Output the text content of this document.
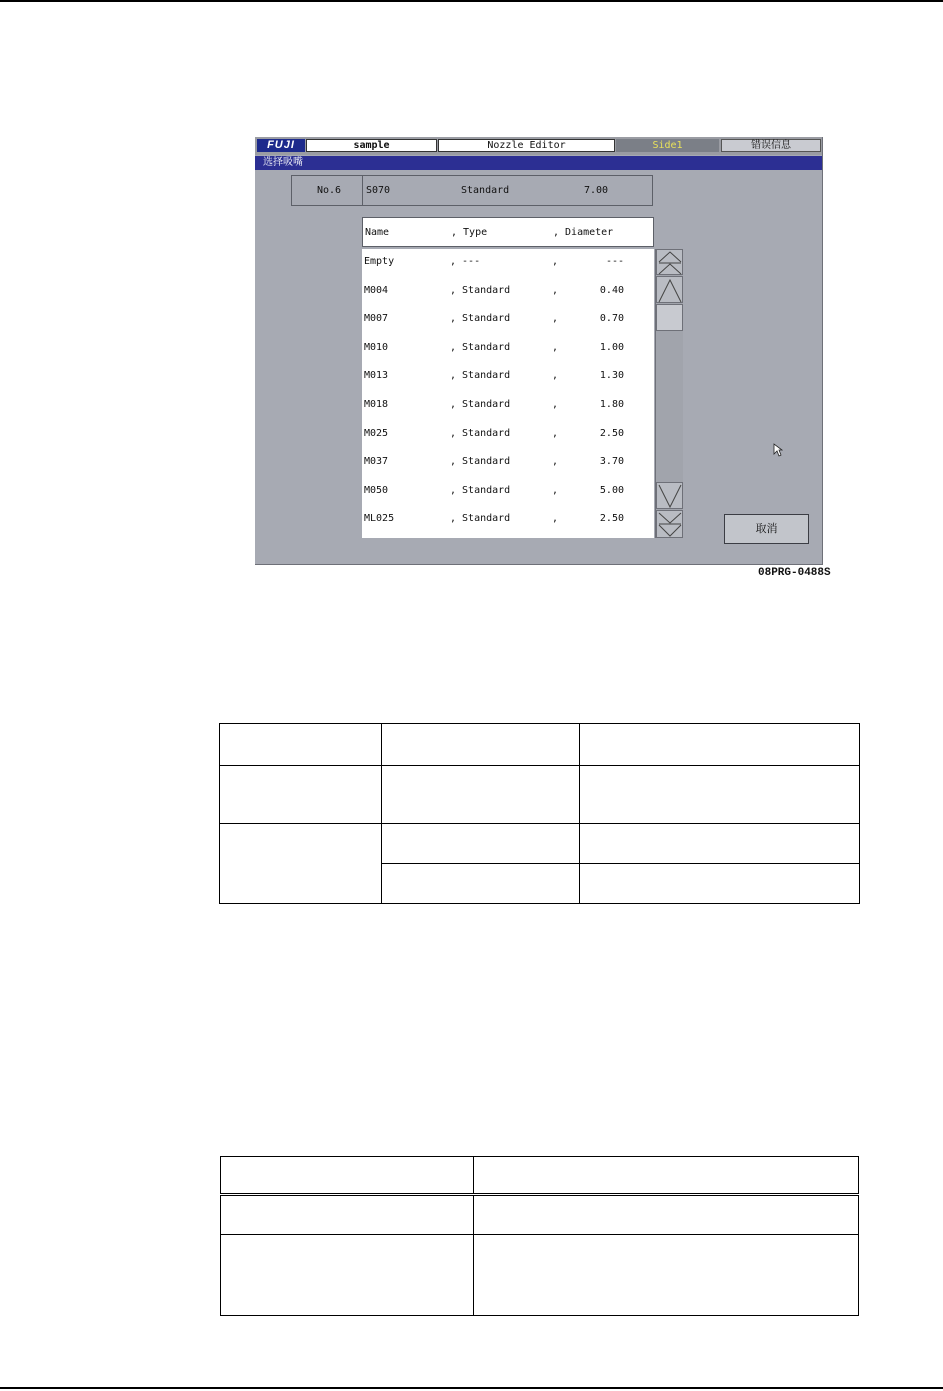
FUJI	sample	Nozzle Editor	Side1	错误信息
选择吸嘴
No.6 S070	Standard	7.00
Name	, Type	, Diameter
Empty	, ---	,	---
M004	, Standard	,	0.40
M007	, Standard	,	0.70
M010	, Standard	,	1.00
M013	, Standard	,	1.30
M018	, Standard	,	1.80
M025	, Standard	,	2.50
M037	, Standard	,	3.70
M050	, Standard	,	5.00
ML025	, Standard	,	2.50
取消
08PRG-0488S
